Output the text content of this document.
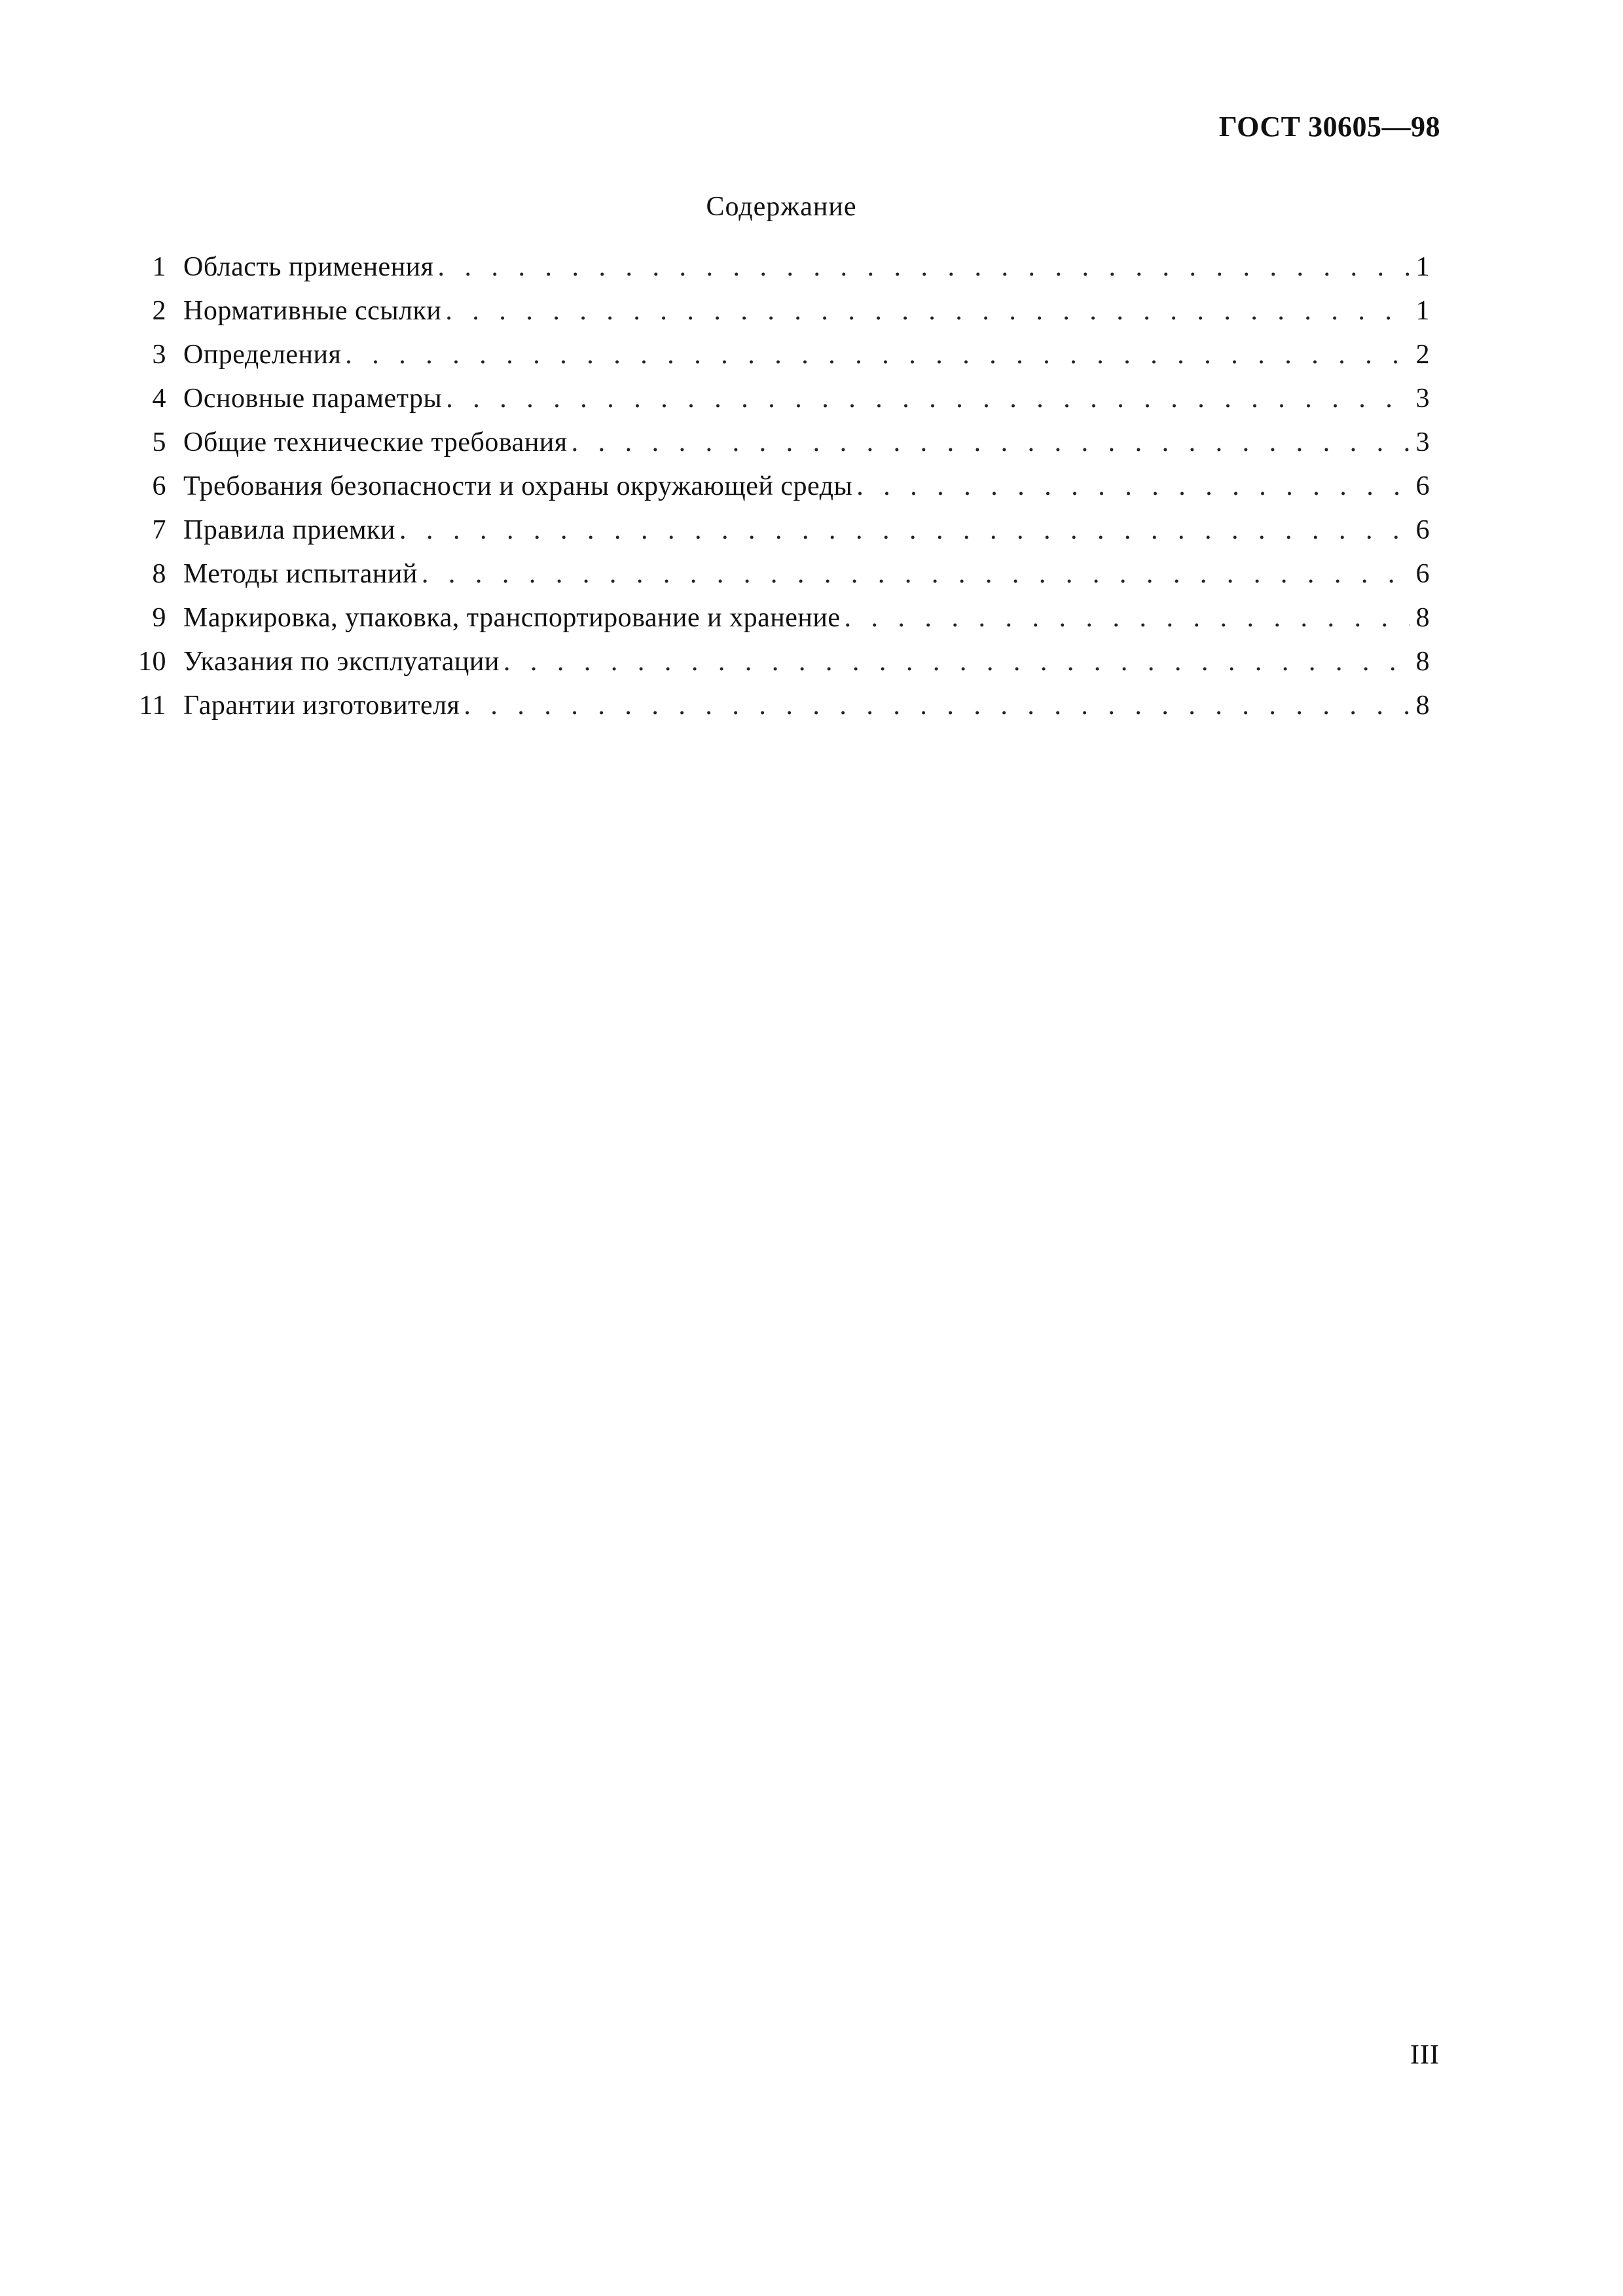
ГОСТ 30605—98
Содержание
1 Область применения . . .	1
2 Нормативные ссылки . . .	1
3 Определения . . .	2
4 Основные параметры . . .	3
5 Общие технические требования . . .	3
6 Требования безопасности и охраны окружающей среды . . .	6
7 Правила приемки . . .	6
8 Методы испытаний . . .	6
9 Маркировка, упаковка, транспортирование и хранение . . .	8
10 Указания по эксплуатации . . .	8
11 Гарантии изготовителя . . .	8
III
